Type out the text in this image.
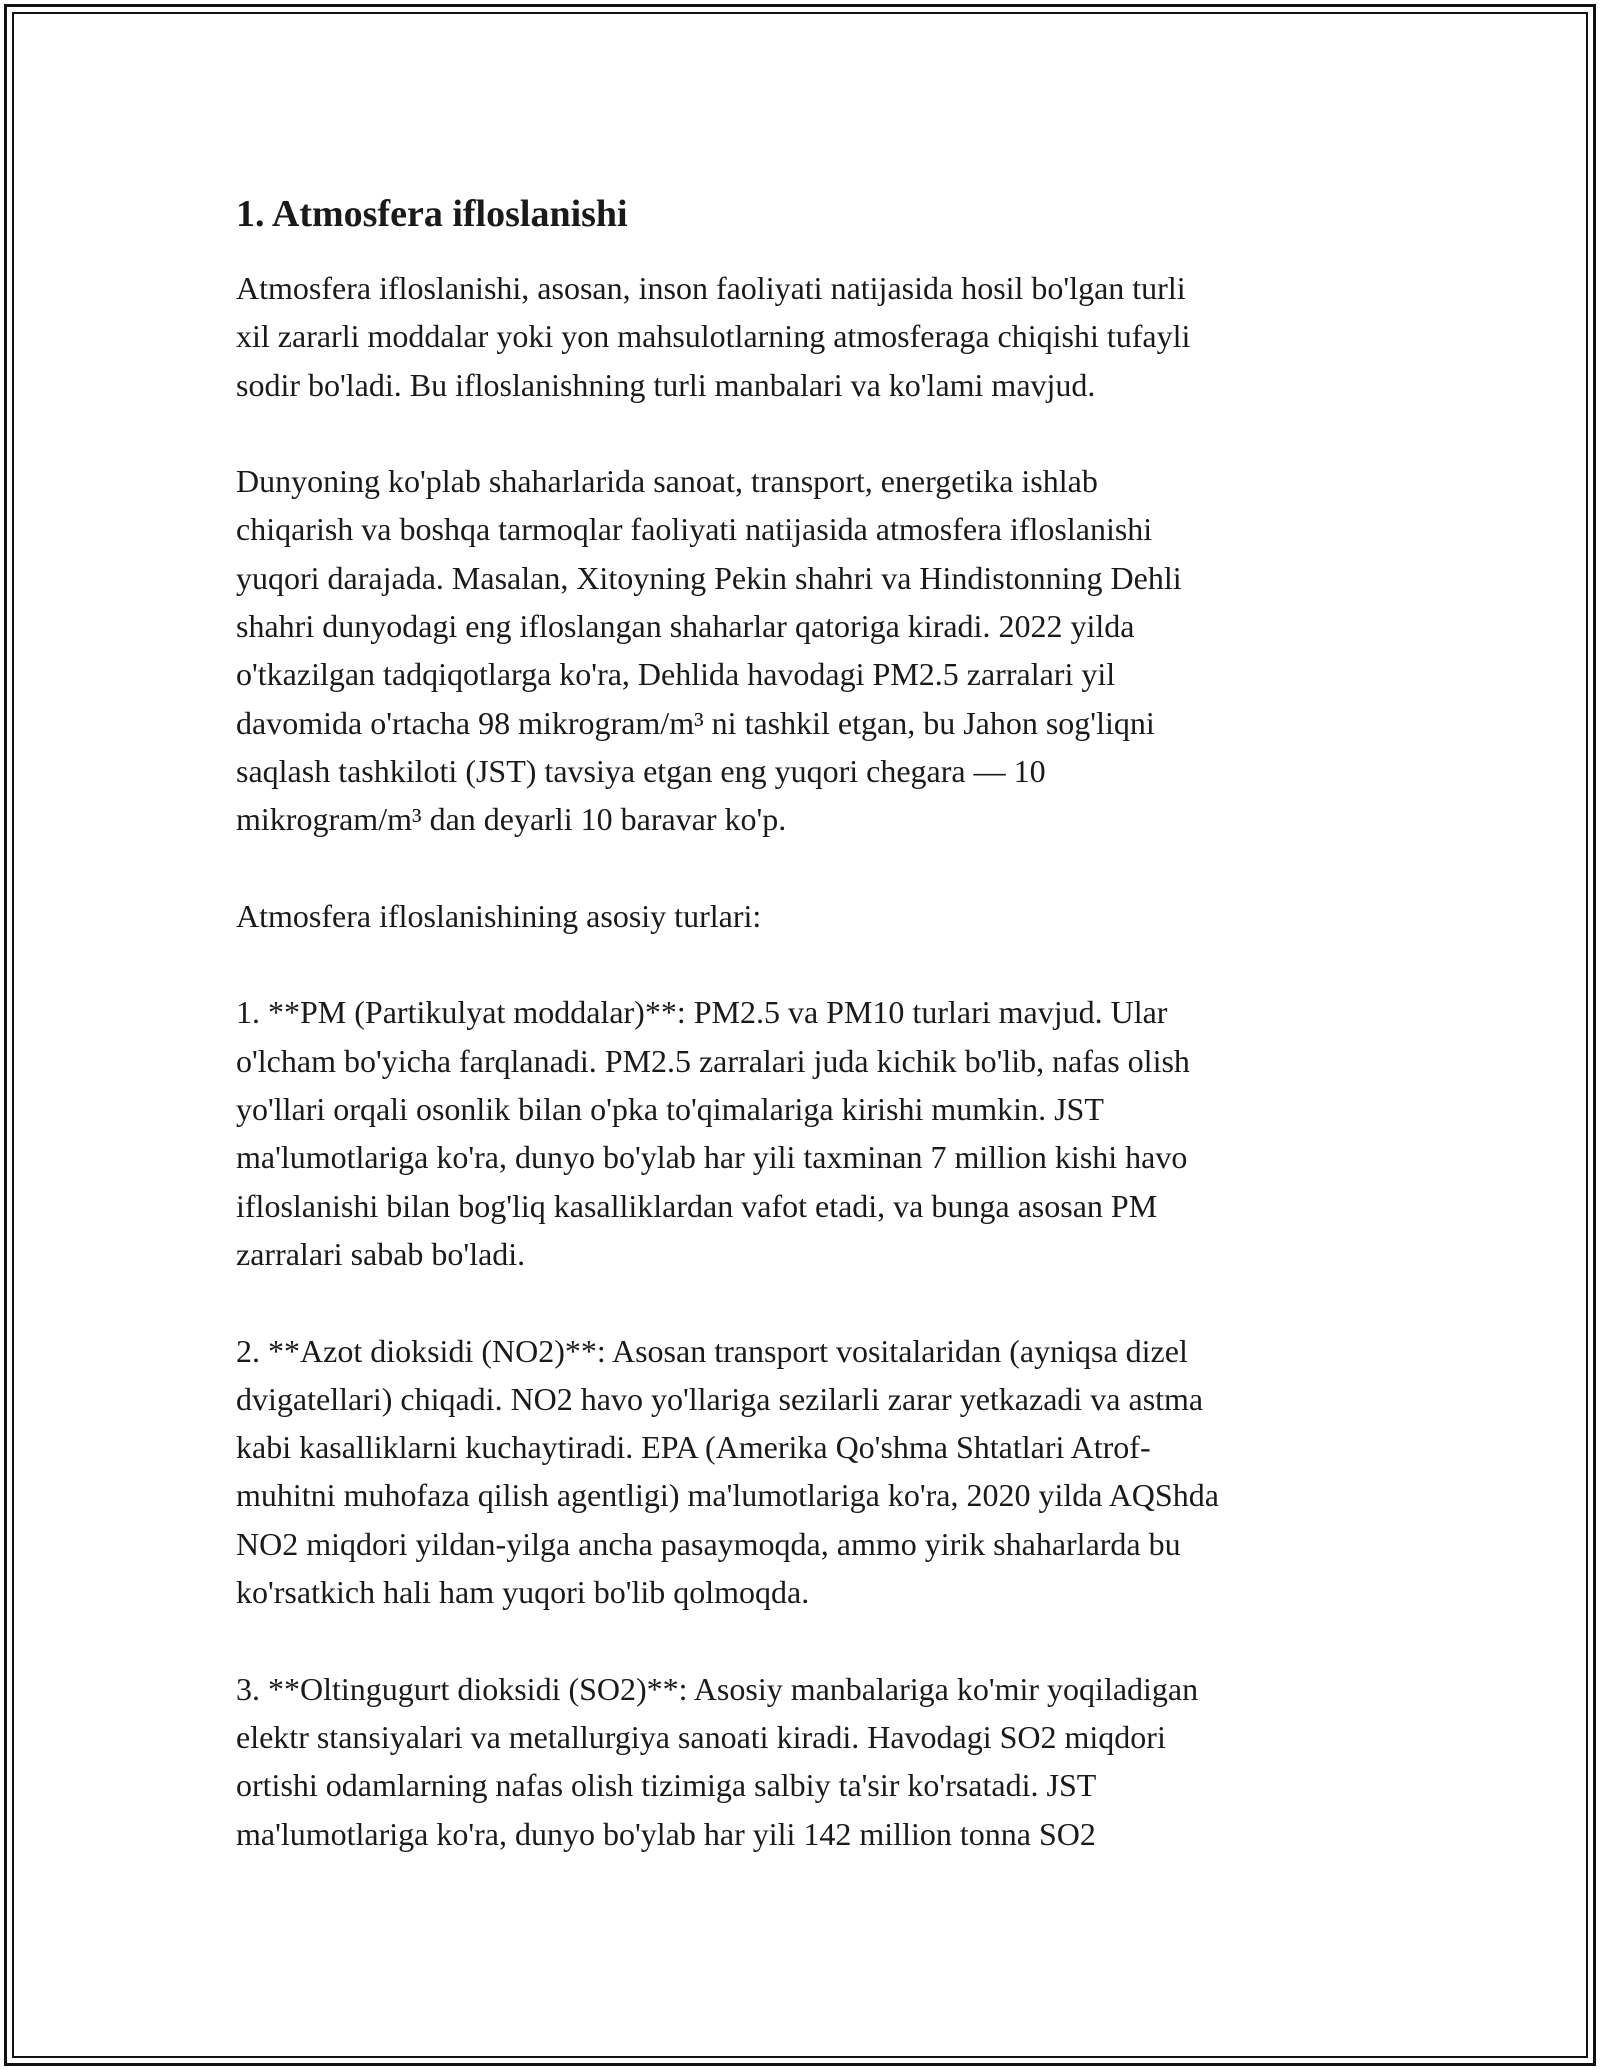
1. Atmosfera ifloslanishi

Atmosfera ifloslanishi, asosan, inson faoliyati natijasida hosil bo'lgan turli
xil zararli moddalar yoki yon mahsulotlarning atmosferaga chiqishi tufayli
sodir bo'ladi. Bu ifloslanishning turli manbalari va ko'lami mavjud.

Dunyoning ko'plab shaharlarida sanoat, transport, energetika ishlab
chiqarish va boshqa tarmoqlar faoliyati natijasida atmosfera ifloslanishi
yuqori darajada. Masalan, Xitoyning Pekin shahri va Hindistonning Dehli
shahri dunyodagi eng ifloslangan shaharlar qatoriga kiradi. 2022 yilda
o'tkazilgan tadqiqotlarga ko'ra, Dehlida havodagi PM2.5 zarralari yil
davomida o'rtacha 98 mikrogram/m³ ni tashkil etgan, bu Jahon sog'liqni
saqlash tashkiloti (JST) tavsiya etgan eng yuqori chegara — 10
mikrogram/m³ dan deyarli 10 baravar ko'p.

Atmosfera ifloslanishining asosiy turlari:

1. **PM (Partikulyat moddalar)**: PM2.5 va PM10 turlari mavjud. Ular
o'lcham bo'yicha farqlanadi. PM2.5 zarralari juda kichik bo'lib, nafas olish
yo'llari orqali osonlik bilan o'pka to'qimalariga kirishi mumkin. JST
ma'lumotlariga ko'ra, dunyo bo'ylab har yili taxminan 7 million kishi havo
ifloslanishi bilan bog'liq kasalliklardan vafot etadi, va bunga asosan PM
zarralari sabab bo'ladi.

2. **Azot dioksidi (NO2)**: Asosan transport vositalaridan (ayniqsa dizel
dvigatellari) chiqadi. NO2 havo yo'llariga sezilarli zarar yetkazadi va astma
kabi kasalliklarni kuchaytiradi. EPA (Amerika Qo'shma Shtatlari Atrof-
muhitni muhofaza qilish agentligi) ma'lumotlariga ko'ra, 2020 yilda AQShda
NO2 miqdori yildan-yilga ancha pasaymoqda, ammo yirik shaharlarda bu
ko'rsatkich hali ham yuqori bo'lib qolmoqda.

3. **Oltingugurt dioksidi (SO2)**: Asosiy manbalariga ko'mir yoqiladigan
elektr stansiyalari va metallurgiya sanoati kiradi. Havodagi SO2 miqdori
ortishi odamlarning nafas olish tizimiga salbiy ta'sir ko'rsatadi. JST
ma'lumotlariga ko'ra, dunyo bo'ylab har yili 142 million tonna SO2
